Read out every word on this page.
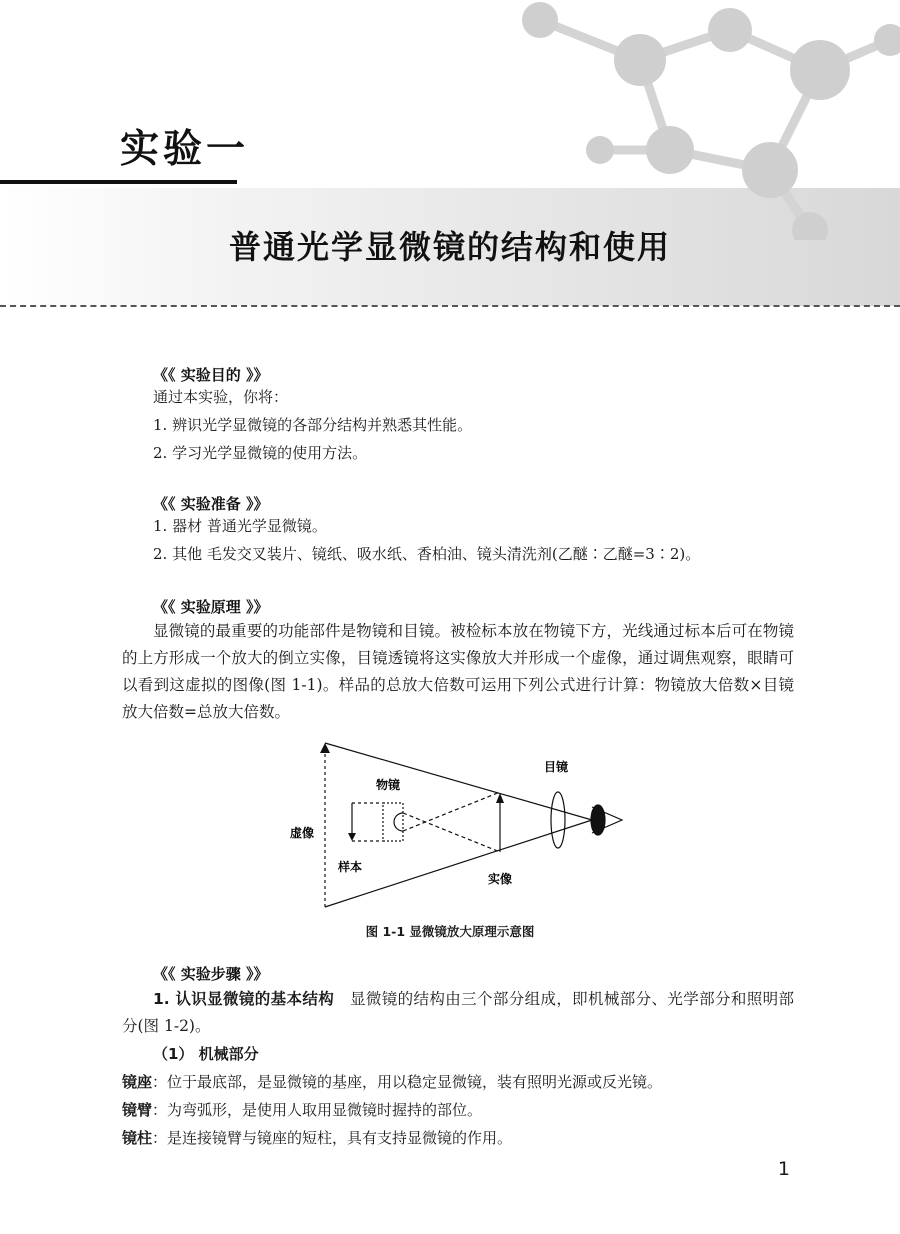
实验一
普通光学显微镜的结构和使用
《《 实验目的 》》
通过本实验，你将：
1. 辨识光学显微镜的各部分结构并熟悉其性能。
2. 学习光学显微镜的使用方法。
《《 实验准备 》》
1. 器材 普通光学显微镜。
2. 其他 毛发交叉装片、镜纸、吸水纸、香柏油、镜头清洗剂(乙醚∶乙醚=3∶2)。
《《 实验原理 》》
显微镜的最重要的功能部件是物镜和目镜。被检标本放在物镜下方，光线通过标本后可在物镜的上方形成一个放大的倒立实像，目镜透镜将这实像放大并形成一个虚像，通过调焦观察，眼睛可以看到这虚拟的图像(图 1-1)。样品的总放大倍数可运用下列公式进行计算：物镜放大倍数×目镜放大倍数=总放大倍数。
虚像
物镜
样本
实像
目镜
图 1-1 显微镜放大原理示意图
《《 实验步骤 》》
1. 认识显微镜的基本结构　 显微镜的结构由三个部分组成，即机械部分、光学部分和照明部分(图 1-2)。
（1） 机械部分
镜座：位于最底部，是显微镜的基座，用以稳定显微镜，装有照明光源或反光镜。
镜臂：为弯弧形，是使用人取用显微镜时握持的部位。
镜柱：是连接镜臂与镜座的短柱，具有支持显微镜的作用。
1
